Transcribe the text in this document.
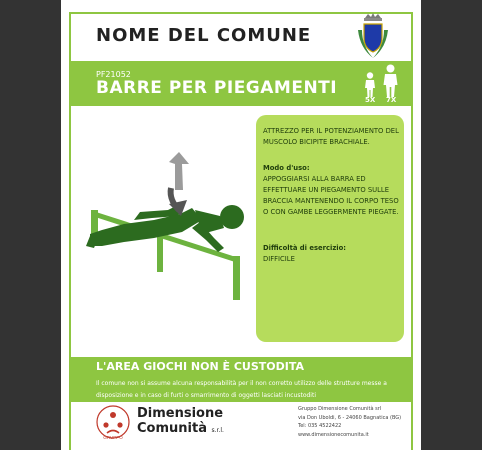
NOME DEL COMUNE
PF21052
BARRE PER PIEGAMENTI
5X 7X
ATTREZZO PER IL POTENZIAMENTO DEL MUSCOLO BICIPITE BRACHIALE.
Modo d'uso:
APPOGGIARSI ALLA BARRA ED EFFETTUARE UN PIEGAMENTO SULLE BRACCIA MANTENENDO IL CORPO TESO O CON GAMBE LEGGERMENTE PIEGATE.
Difficoltà di esercizio:
DIFFICILE
L'AREA GIOCHI NON È CUSTODITA
Il comune non si assume alcuna responsabilità per il non corretto utilizzo delle strutture messe a disposizione e in caso di furti o smarrimento di oggetti lasciati incustoditi
GRUPPO
Dimensione
Comunità s.r.l.
Gruppo Dimensione Comunità srl
via Don Uboldi, 6 - 24060 Bagnatica (BG)
Tel: 035 4522422
www.dimensionecomunita.it
